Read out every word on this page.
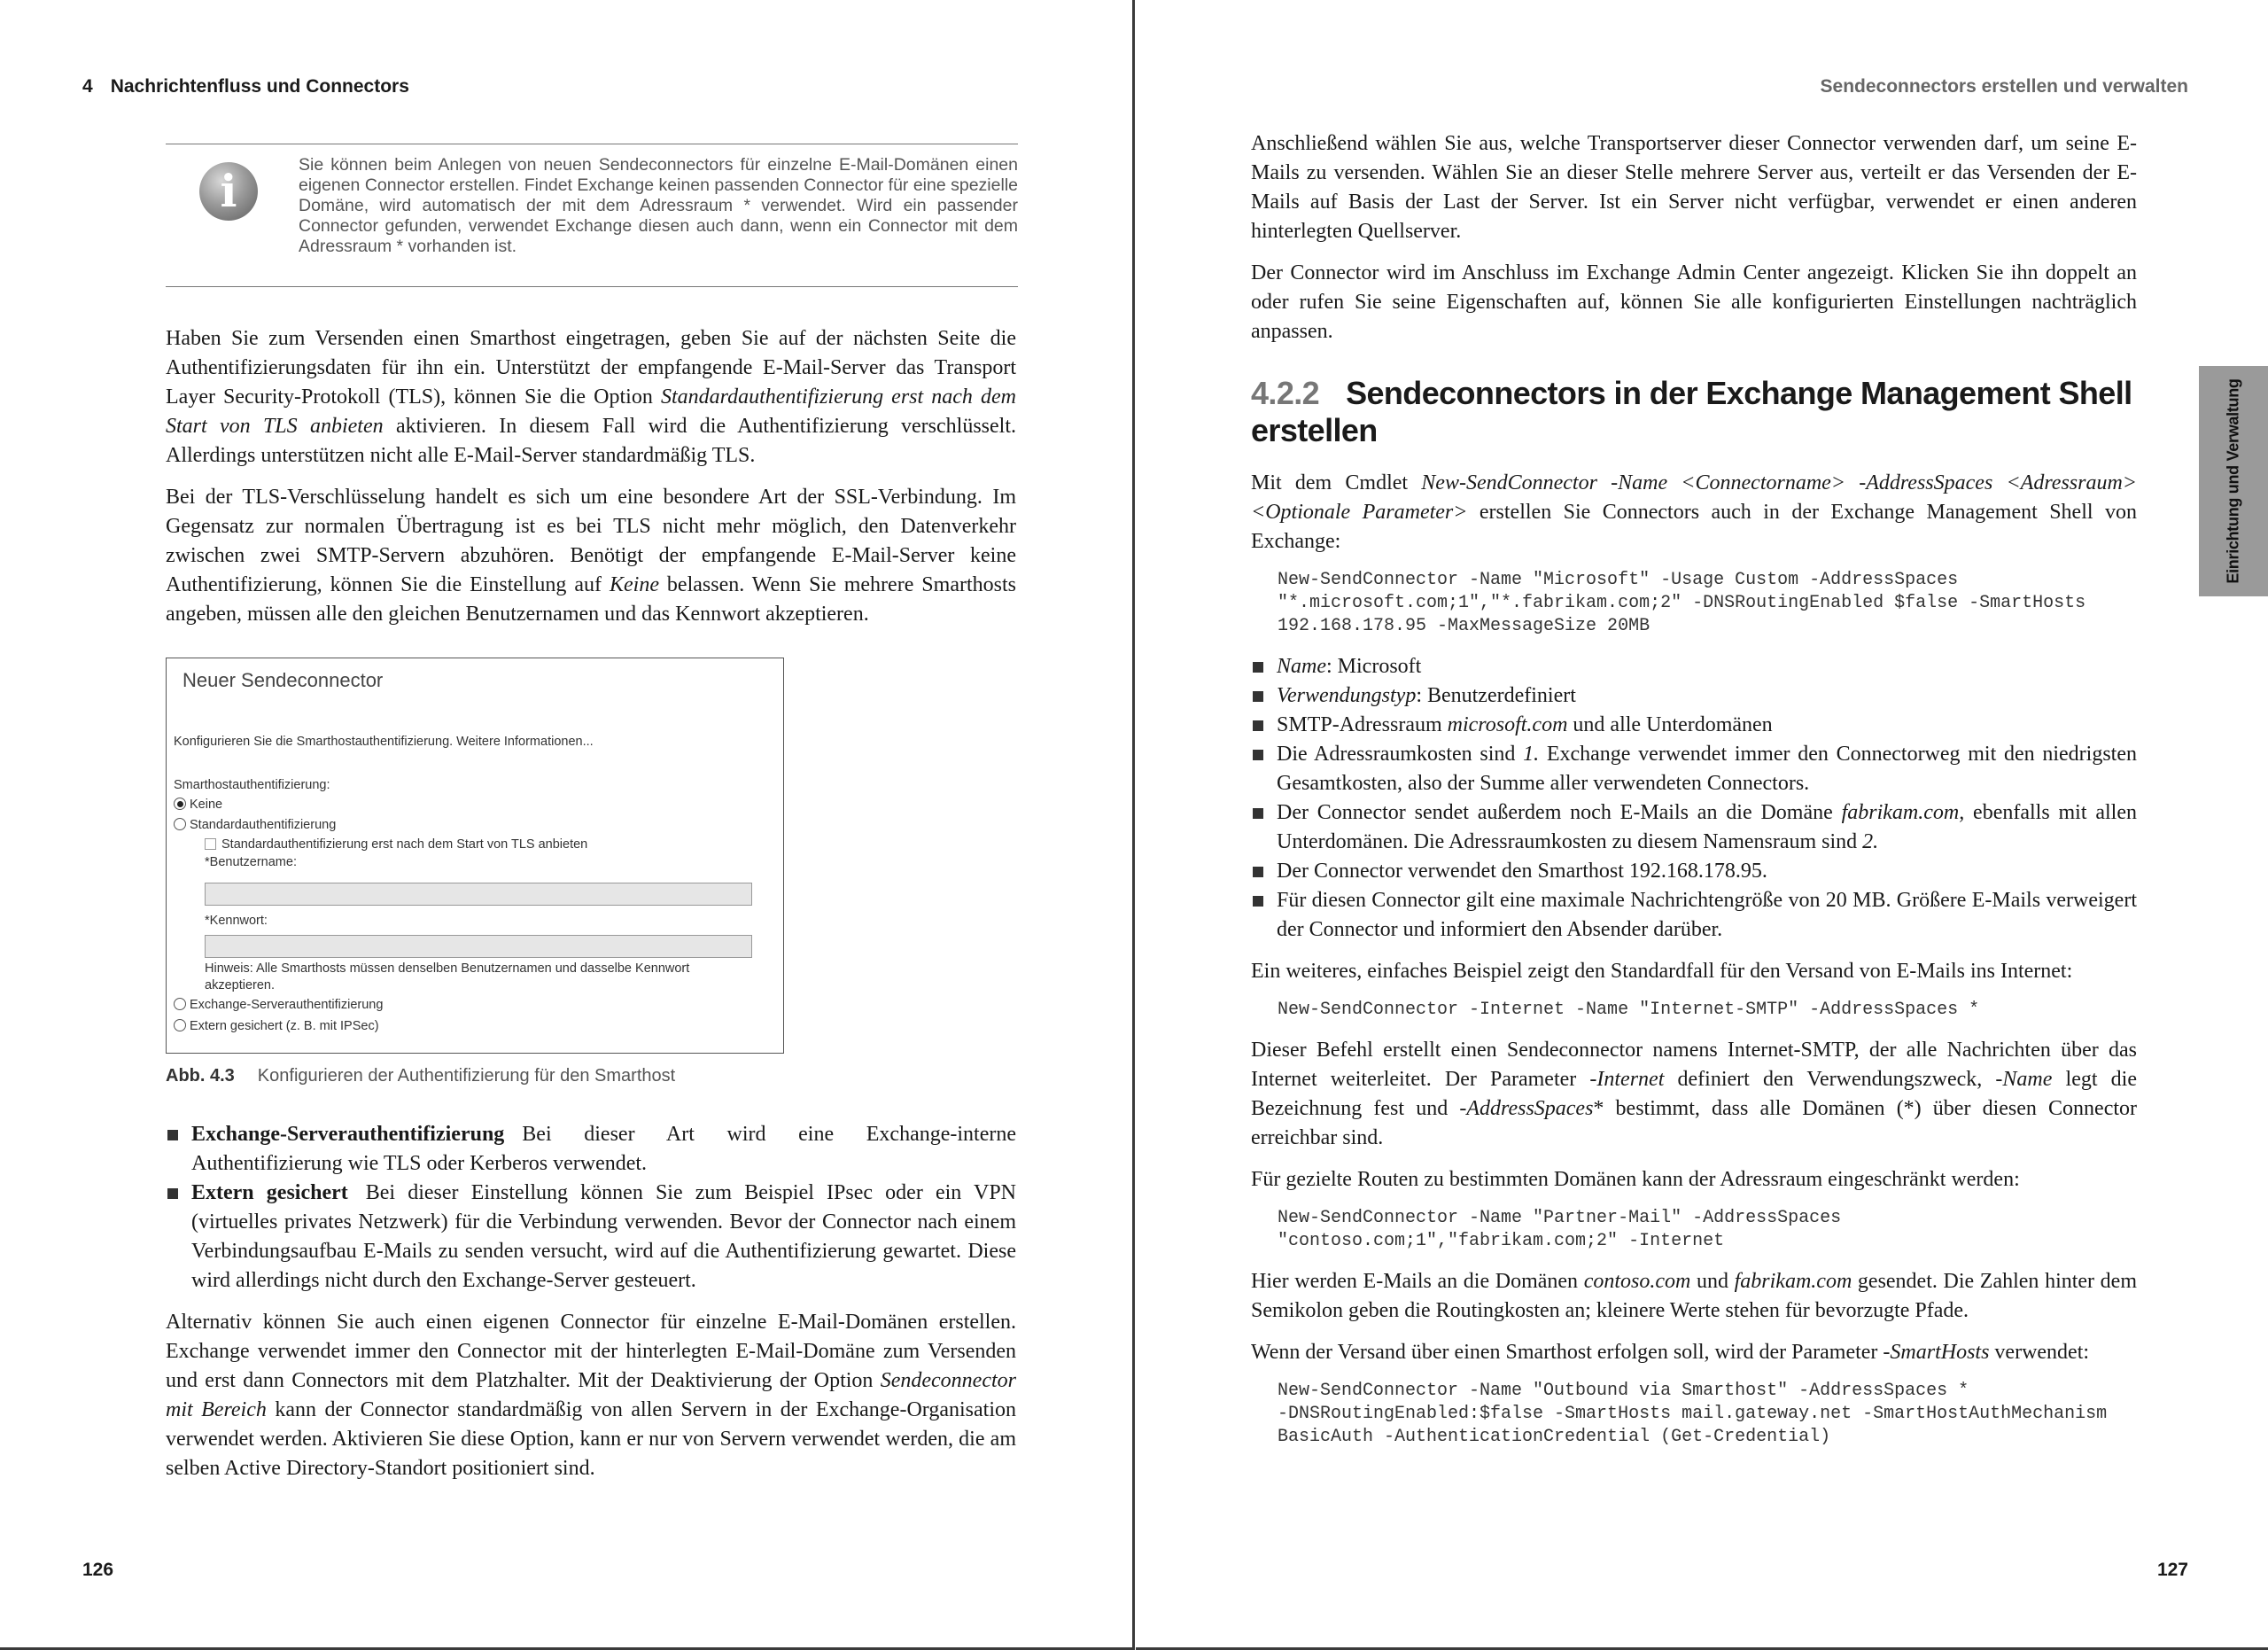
4 Nachrichtenfluss und Connectors
i	Sie können beim Anlegen von neuen Sendeconnectors für einzelne E-Mail-Domänen einen eigenen Connector erstellen. Findet Exchange keinen passenden Connector für eine spezielle Domäne, wird automatisch der mit dem Adressraum * verwendet. Wird ein passender Connector gefunden, verwendet Exchange diesen auch dann, wenn ein Connector mit dem Adressraum * vorhanden ist.

Haben Sie zum Versenden einen Smarthost eingetragen, geben Sie auf der nächsten Seite die Authentifizierungsdaten für ihn ein. Unterstützt der empfangende E-Mail-Server das Transport Layer Security-Protokoll (TLS), können Sie die Option Standardauthentifizierung erst nach dem Start von TLS anbieten aktivieren. In diesem Fall wird die Authentifizierung verschlüsselt. Allerdings unterstützen nicht alle E-Mail-Server standardmäßig TLS.

Bei der TLS-Verschlüsselung handelt es sich um eine besondere Art der SSL-Verbindung. Im Gegensatz zur normalen Übertragung ist es bei TLS nicht mehr möglich, den Datenverkehr zwischen zwei SMTP-Servern abzuhören. Benötigt der empfangende E-Mail-Server keine Authentifizierung, können Sie die Einstellung auf Keine belassen. Wenn Sie mehrere Smarthosts angeben, müssen alle den gleichen Benutzernamen und das Kennwort akzeptieren.

Neuer Sendeconnector
Konfigurieren Sie die Smarthostauthentifizierung. Weitere Informationen...
Smarthostauthentifizierung:
Keine
Standardauthentifizierung
Standardauthentifizierung erst nach dem Start von TLS anbieten
*Benutzername:
*Kennwort:
Hinweis: Alle Smarthosts müssen denselben Benutzernamen und dasselbe Kennwort
akzeptieren.
Exchange-Serverauthentifizierung
Extern gesichert (z. B. mit IPSec)
Abb. 4.3 Konfigurieren der Authentifizierung für den Smarthost
Exchange-Serverauthentifizierung Bei dieser Art wird eine Exchange-interne Authentifizierung wie TLS oder Kerberos verwendet.
Extern gesichert Bei dieser Einstellung können Sie zum Beispiel IPsec oder ein VPN (virtuelles privates Netzwerk) für die Verbindung verwenden. Bevor der Connector nach einem Verbindungsaufbau E-Mails zu senden versucht, wird auf die Authentifizierung gewartet. Diese wird allerdings nicht durch den Exchange-Server gesteuert.

Alternativ können Sie auch einen eigenen Connector für einzelne E-Mail-Domänen erstellen. Exchange verwendet immer den Connector mit der hinterlegten E-Mail-Domäne zum Versenden und erst dann Connectors mit dem Platzhalter. Mit der Deaktivierung der Option Sendeconnector mit Bereich kann der Connector standardmäßig von allen Servern in der Exchange-Organisation verwendet werden. Aktivieren Sie diese Option, kann er nur von Servern verwendet werden, die am selben Active Directory-Standort positioniert sind.

126
Sendeconnectors erstellen und verwalten

Anschließend wählen Sie aus, welche Transportserver dieser Connector verwenden darf, um seine E-Mails zu versenden. Wählen Sie an dieser Stelle mehrere Server aus, verteilt er das Versenden der E-Mails auf Basis der Last der Server. Ist ein Server nicht verfügbar, verwendet er einen anderen hinterlegten Quellserver.

Der Connector wird im Anschluss im Exchange Admin Center angezeigt. Klicken Sie ihn doppelt an oder rufen Sie seine Eigenschaften auf, können Sie alle konfigurierten Einstellungen nachträglich anpassen.

4.2.2 Sendeconnectors in der Exchange Management Shell erstellen

Mit dem Cmdlet New-SendConnector -Name <Connectorname> -AddressSpaces <Adressraum> <Optionale Parameter> erstellen Sie Connectors auch in der Exchange Management Shell von Exchange:

New-SendConnector -Name "Microsoft" -Usage Custom -AddressSpaces
"*.microsoft.com;1","*.fabrikam.com;2" -DNSRoutingEnabled $false -SmartHosts
192.168.178.95 -MaxMessageSize 20MB
Name: Microsoft
Verwendungstyp: Benutzerdefiniert
SMTP-Adressraum microsoft.com und alle Unterdomänen
Die Adressraumkosten sind 1. Exchange verwendet immer den Connectorweg mit den niedrigsten Gesamtkosten, also der Summe aller verwendeten Connectors.
Der Connector sendet außerdem noch E-Mails an die Domäne fabrikam.com, ebenfalls mit allen Unterdomänen. Die Adressraumkosten zu diesem Namensraum sind 2.
Der Connector verwendet den Smarthost 192.168.178.95.
Für diesen Connector gilt eine maximale Nachrichtengröße von 20 MB. Größere E-Mails verweigert der Connector und informiert den Absender darüber.

Ein weiteres, einfaches Beispiel zeigt den Standardfall für den Versand von E-Mails ins Internet:

New-SendConnector -Internet -Name "Internet-SMTP" -AddressSpaces *

Dieser Befehl erstellt einen Sendeconnector namens Internet-SMTP, der alle Nachrichten über das Internet weiterleitet. Der Parameter -Internet definiert den Verwendungszweck, -Name legt die Bezeichnung fest und -AddressSpaces* bestimmt, dass alle Domänen (*) über diesen Connector erreichbar sind.

Für gezielte Routen zu bestimmten Domänen kann der Adressraum eingeschränkt werden:

New-SendConnector -Name "Partner-Mail" -AddressSpaces
"contoso.com;1","fabrikam.com;2" -Internet

Hier werden E-Mails an die Domänen contoso.com und fabrikam.com gesendet. Die Zahlen hinter dem Semikolon geben die Routingkosten an; kleinere Werte stehen für bevorzugte Pfade.

Wenn der Versand über einen Smarthost erfolgen soll, wird der Parameter -SmartHosts verwendet:

New-SendConnector -Name "Outbound via Smarthost" -AddressSpaces *
-DNSRoutingEnabled:$false -SmartHosts mail.gateway.net -SmartHostAuthMechanism
BasicAuth -AuthenticationCredential (Get-Credential)
127
Einrichtung und Verwaltung
